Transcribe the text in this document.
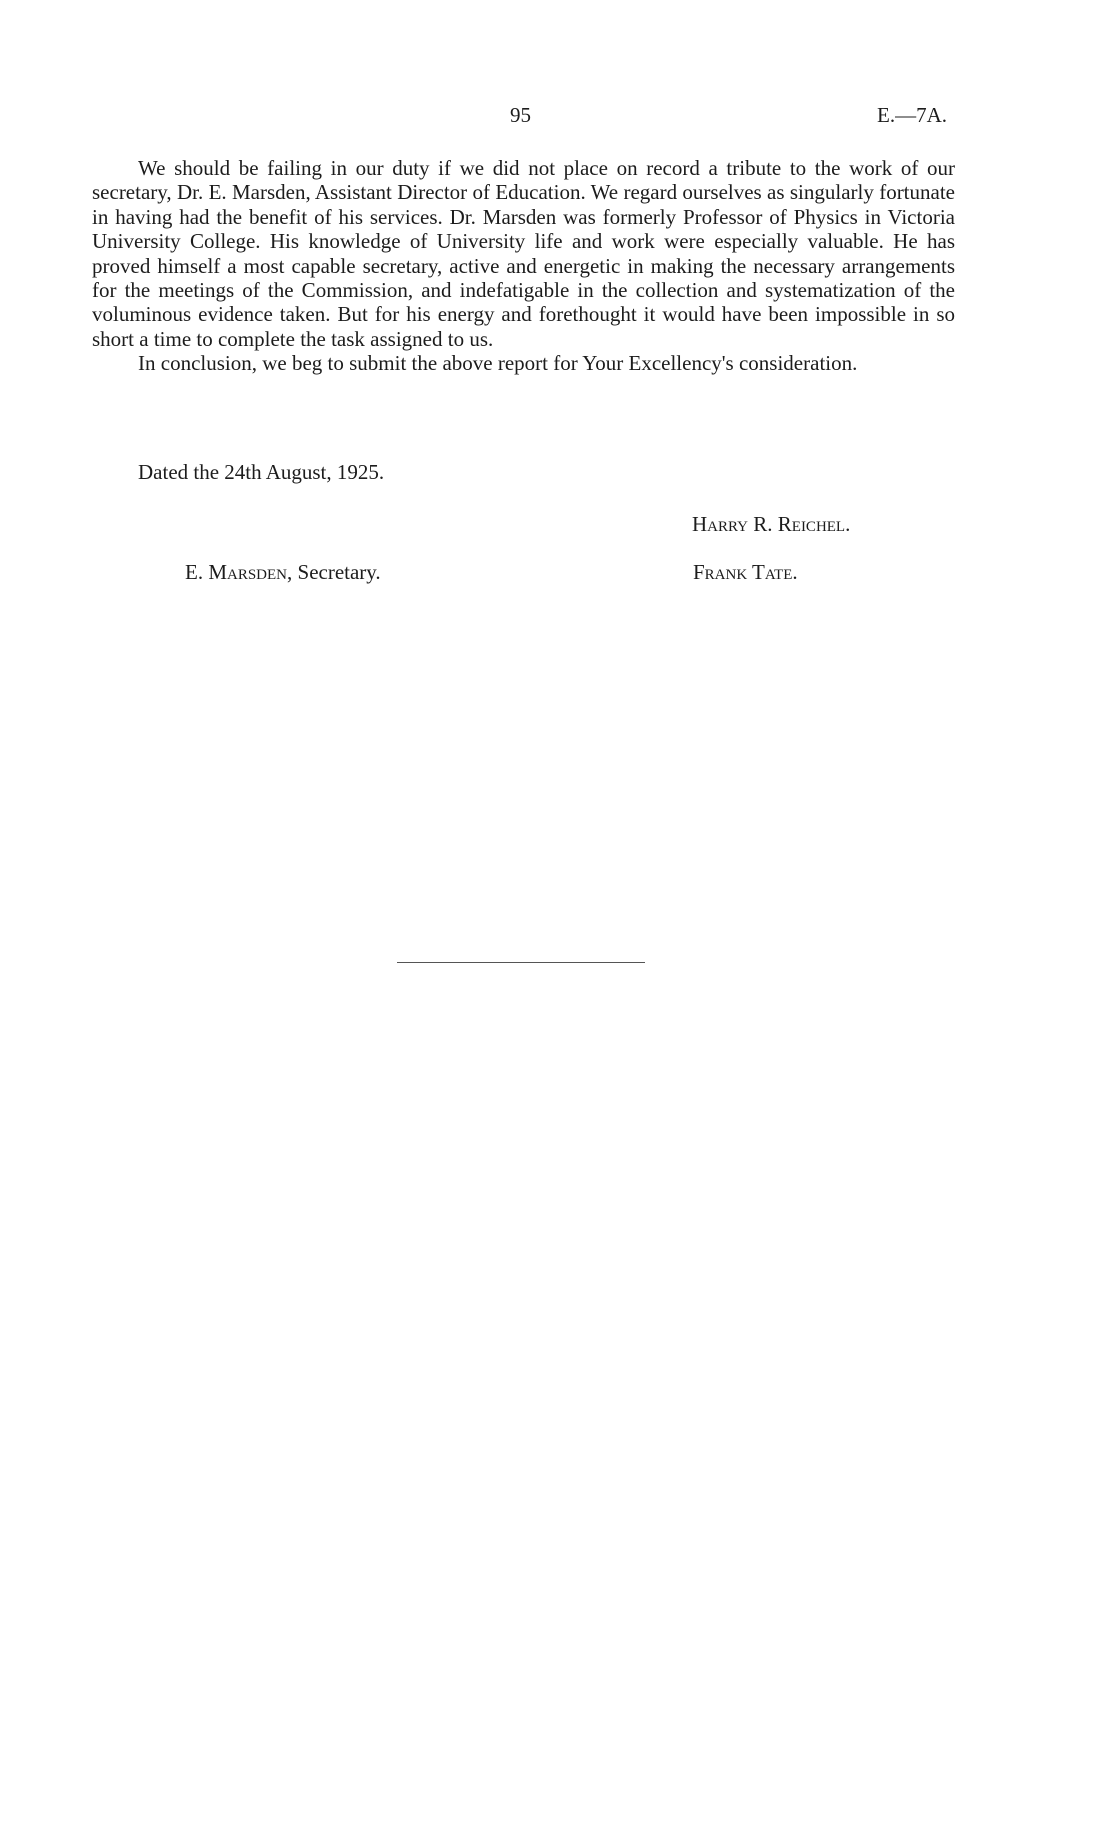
95	E.—7A.

We should be failing in our duty if we did not place on record a tribute to the work of our secretary, Dr. E. Marsden, Assistant Director of Education. We regard ourselves as singularly fortunate in having had the benefit of his services. Dr. Marsden was formerly Professor of Physics in Victoria University College. His knowledge of University life and work were especially valuable. He has proved himself a most capable secretary, active and energetic in making the necessary arrangements for the meetings of the Commission, and indefatigable in the collection and systematization of the voluminous evidence taken. But for his energy and forethought it would have been impossible in so short a time to complete the task assigned to us.

In conclusion, we beg to submit the above report for Your Excellency's consideration.

Dated the 24th August, 1925.
Harry R. Reichel.
E. Marsden, Secretary.	Frank Tate.
